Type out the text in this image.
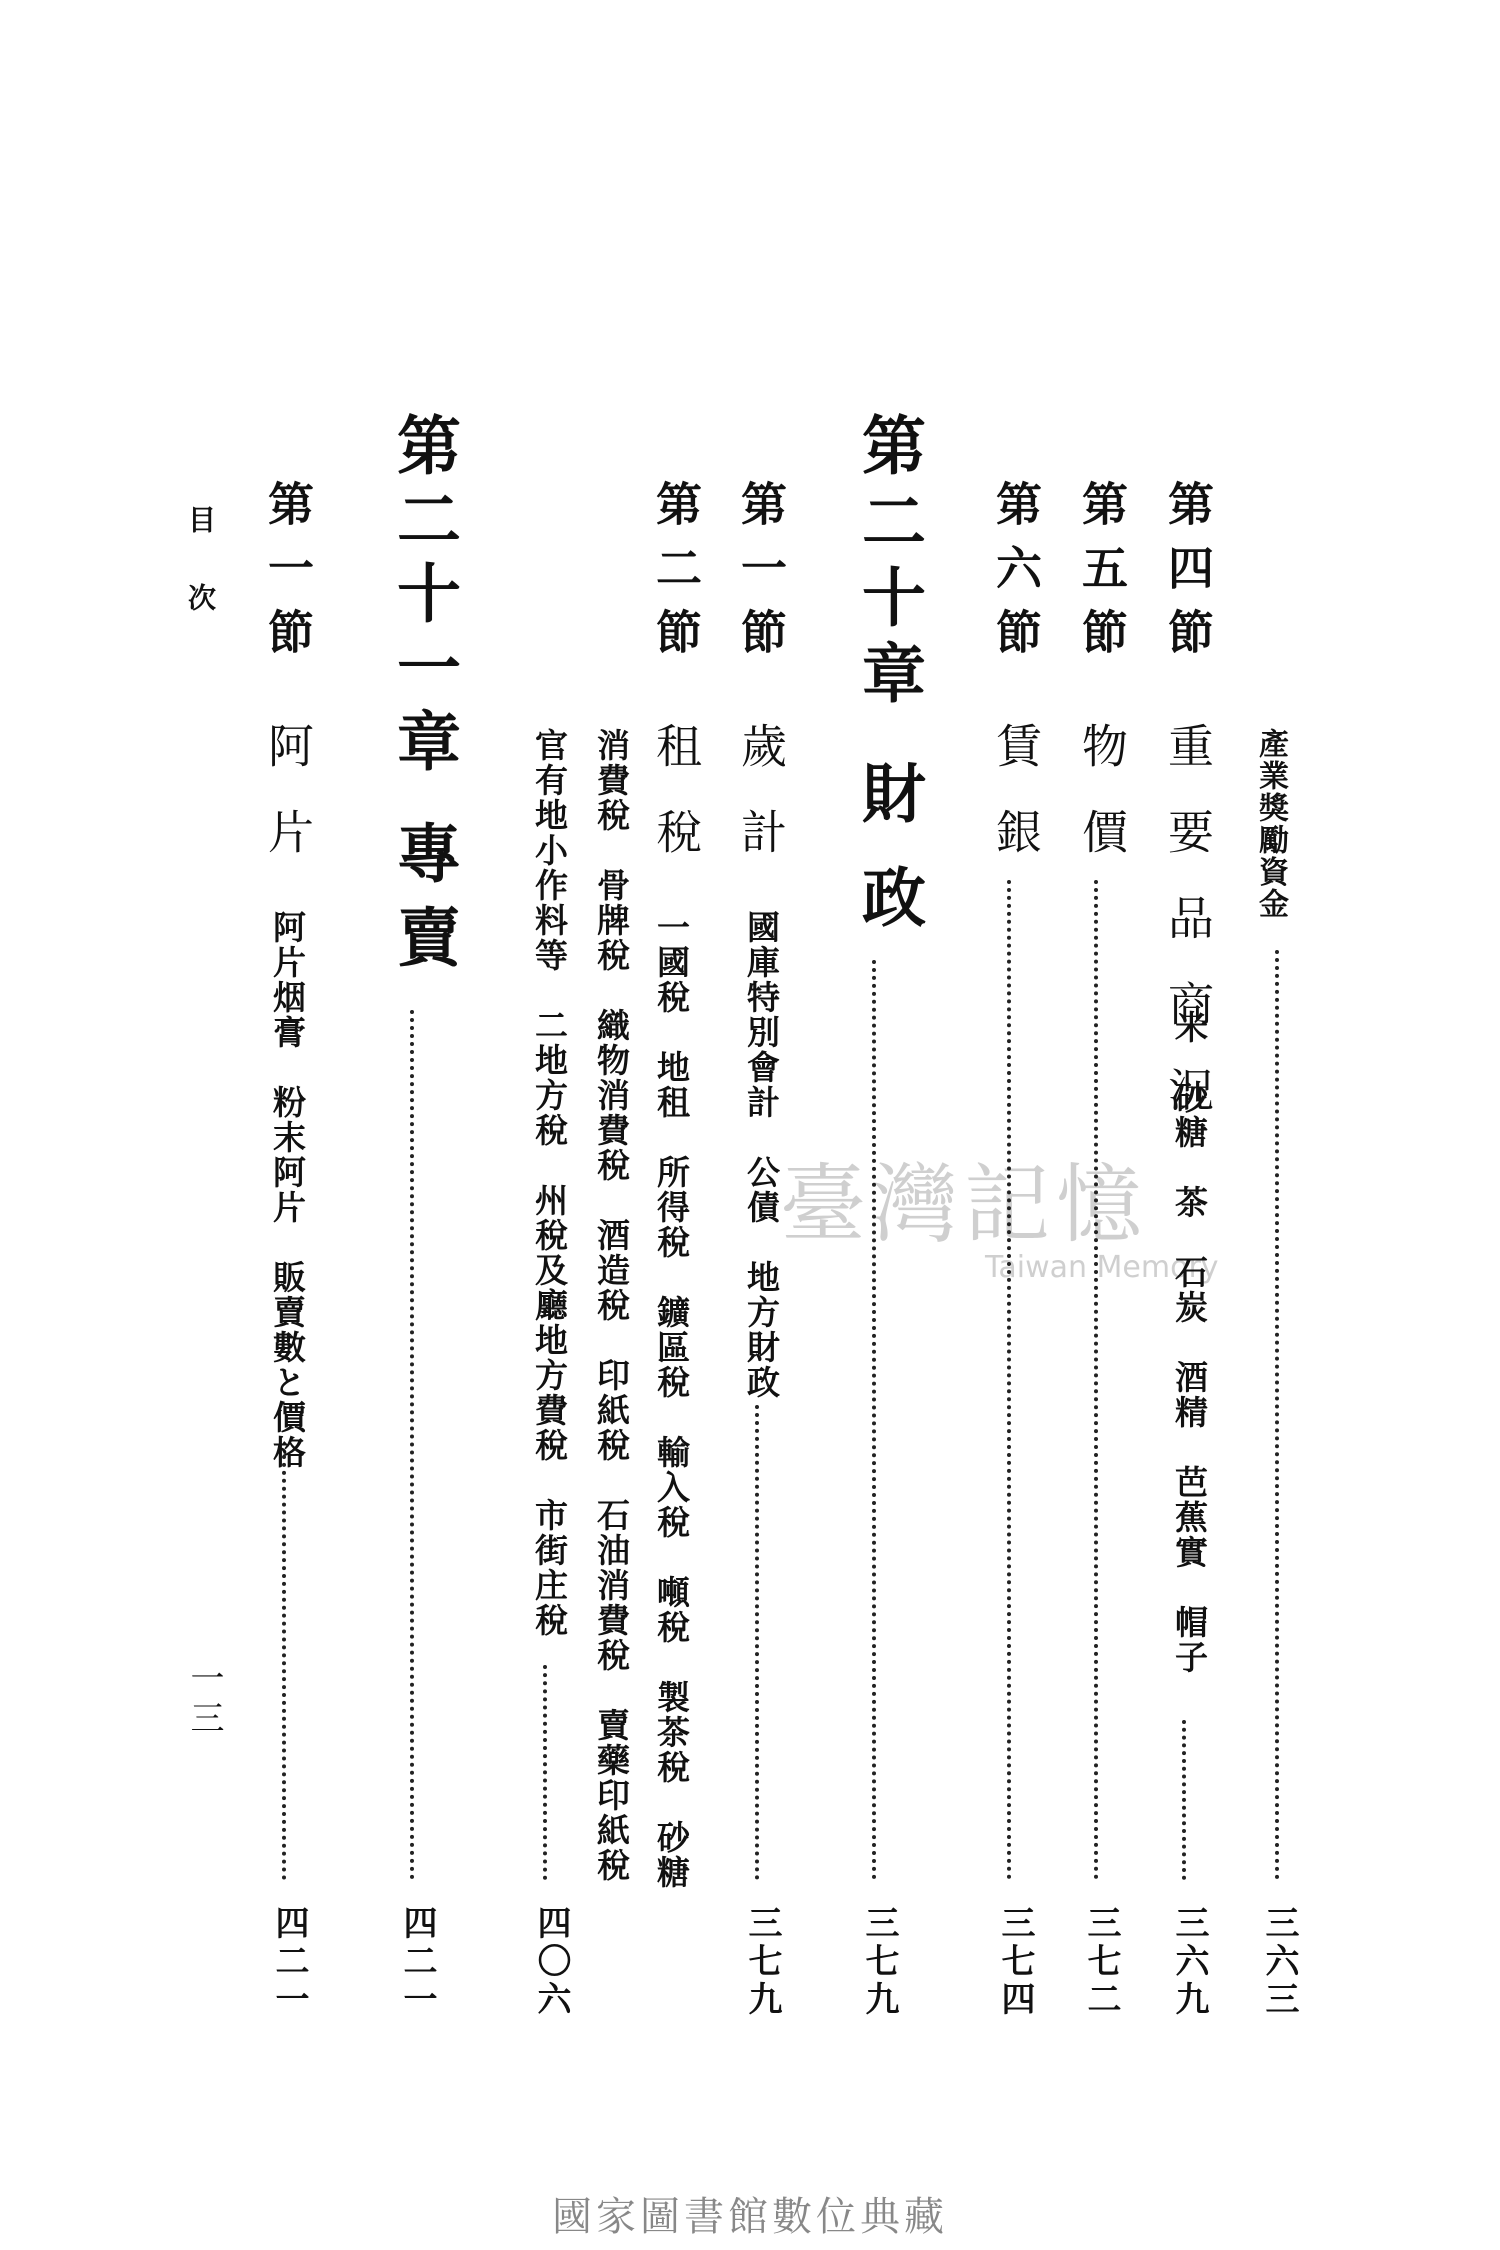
臺灣記憶
Taiwan Memory
產業獎勵資金
三六三
第四節
重要品商況
米　砂糖　茶　石炭　酒精　芭蕉實　帽子
三六九
第五節
物價
三七二
第六節
賃銀
三七四
第二十章
財政
三七九
第一節
歲計
國庫特別會計　公債　地方財政
三七九
第二節
租稅
一國稅　地租　所得稅　鑛區稅　輸入稅　噸稅　製茶稅　砂糖
消費稅　骨牌稅　織物消費稅　酒造稅　印紙稅　石油消費稅　賣藥印紙稅
官有地小作料等　二地方稅　州稅及廳地方費稅　市街庄稅
四〇六
第二十一章
專賣
四二一
第一節
阿片
阿片烟膏　粉末阿片　販賣數と價格
四二一
目次
一三
國家圖書館數位典藏
